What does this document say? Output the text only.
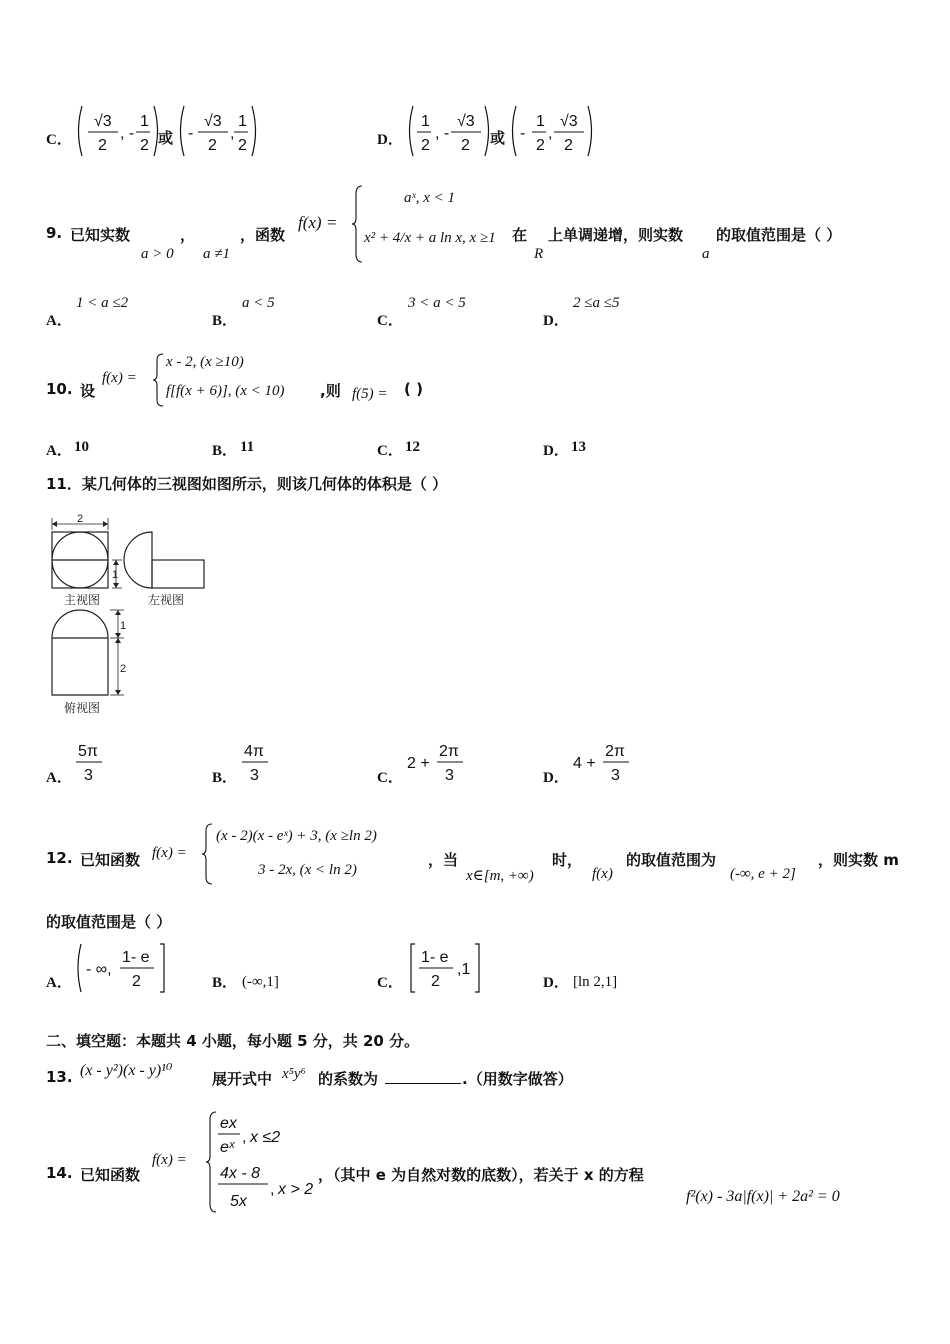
C．
√3
2
, -
1
2 或 -
√3
2
,
1
2	D．
1
2
, -
√3
2 或 -
1
2
,
√3
2
9. 已知实数	，	，函数
a > 0 a ≠1
f(x) =
aˣ, x < 1
x² + 4/x + a ln x, x ≥1 在
R
上单调递增，则实数
a
的取值范围是（ ）
A．
1 < a ≤2
B．
a < 5
C．
3 < a < 5
D．
2 ≤a ≤5
10. 设
f(x) =
x - 2, (x ≥10)
f[f(x + 6)], (x < 10) ,则 f(5) = ( )
A． 10	B． 11	C． 12	D． 13
11．某几何体的三视图如图所示，则该几何体的体积是（ ）
2
1
1
2
主视图	左视图
俯视图
A．
5π
3	B．
4π
3	C．
2 +
2π
3	D．
4 +
2π
3
12. 已知函数 f(x) =
(x - 2)(x - eˣ) + 3, (x ≥ln 2)
3 - 2x, (x < ln 2)
，当
x∈[m, +∞)
时，
f(x)
的取值范围为
(-∞, e + 2]
，则实数 m
的取值范围是（ ）
A．
- ∞,
1- e
2	B． (-∞,1]	C．
1- e
2
,1
D． [ln 2,1]
二、填空题：本题共 4 小题，每小题 5 分，共 20 分。
13. (x - y²)(x - y)¹⁰	展开式中 x⁵y⁶ 的系数为	.（用数字做答）
14. 已知函数
f(x) =
ex
eˣ
, x ≤2
4x - 8
5x
, x > 2
，（其中 e 为自然对数的底数），若关于 x 的方程
f²(x) - 3a|f(x)| + 2a² = 0
